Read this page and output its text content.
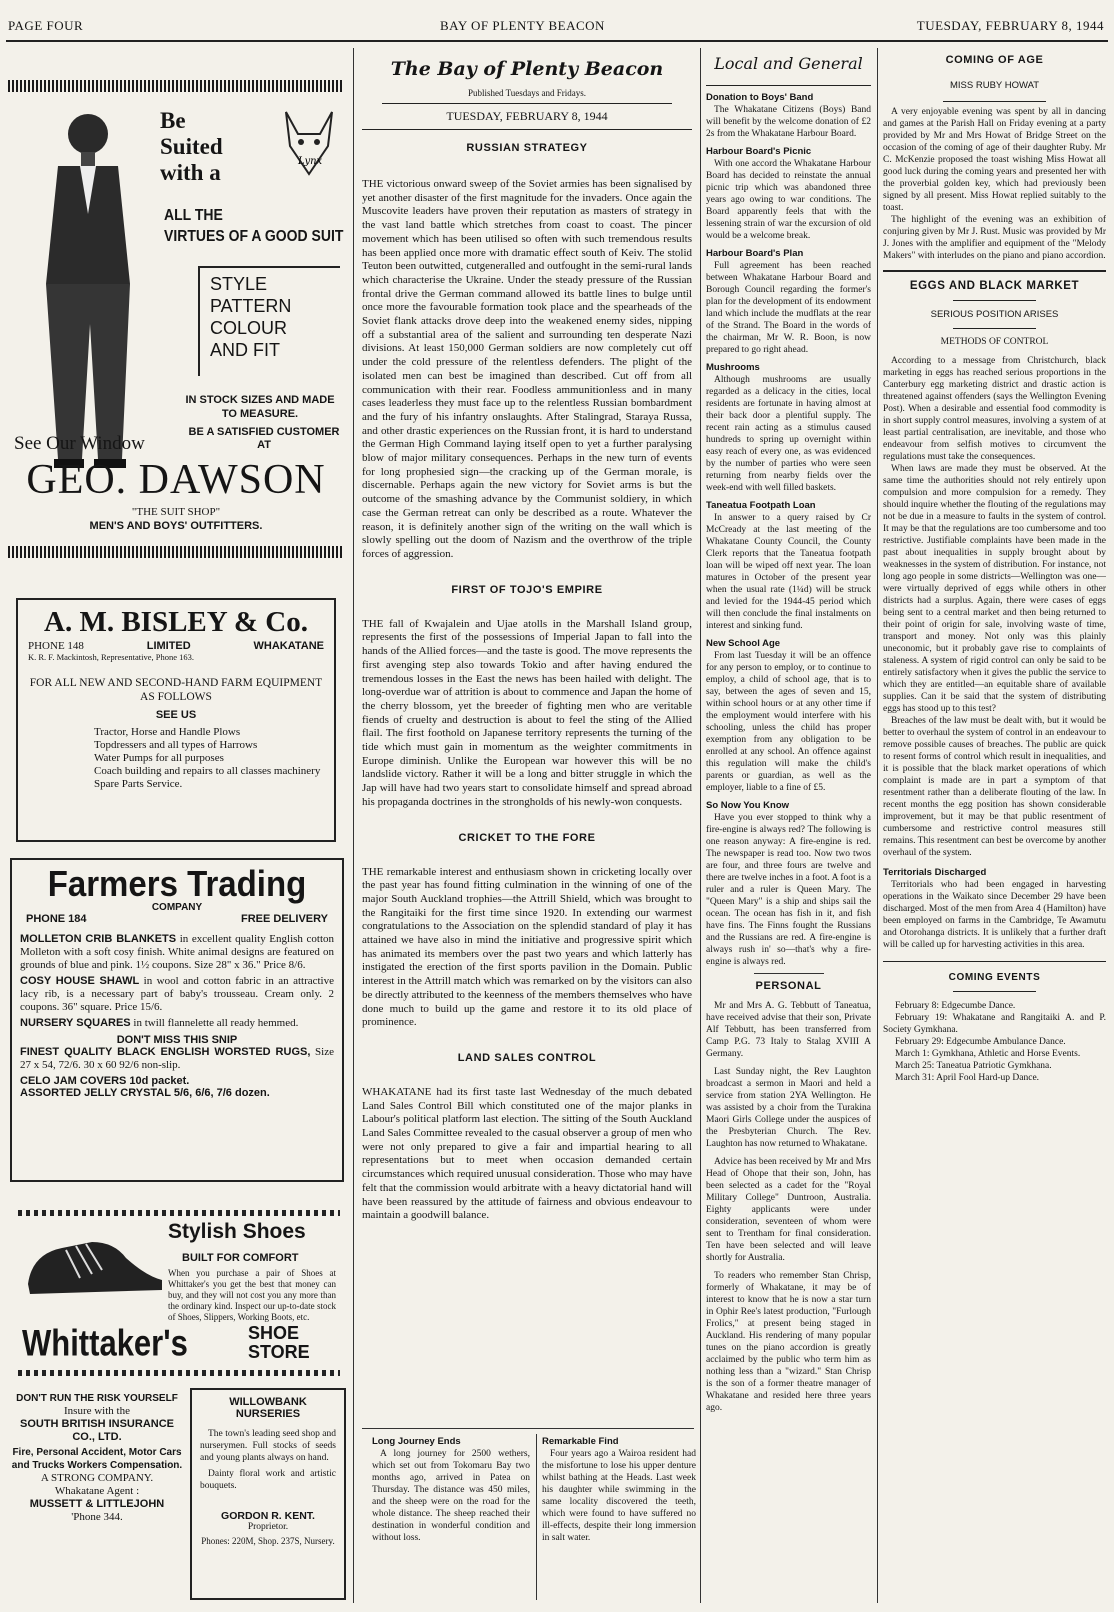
PAGE FOUR	BAY OF PLENTY BEACON	TUESDAY, FEBRUARY 8, 1944
Be
Suited
with a	Lynx
ALL THE
VIRTUES OF A GOOD SUIT
STYLE
PATTERN
COLOUR
AND FIT
IN STOCK SIZES AND MADE TO MEASURE.
See Our Window
BE A SATISFIED CUSTOMER AT
GEO. DAWSON
"THE SUIT SHOP"
MEN'S AND BOYS' OUTFITTERS.
A. M. BISLEY & Co.
PHONE 148	LIMITED	WHAKATANE
K. R. F. Mackintosh, Representative, Phone 163.
FOR ALL NEW AND SECOND-HAND FARM EQUIPMENT AS FOLLOWS
SEE US
Tractor, Horse and Handle Plows
Topdressers and all types of Harrows
Water Pumps for all purposes
Coach building and repairs to all classes machinery
Spare Parts Service.
Farmers Trading
COMPANY
PHONE 184	FREE DELIVERY

MOLLETON CRIB BLANKETS in excellent quality English cotton Molleton with a soft cosy finish. White animal designs are featured on grounds of blue and pink. 1½ coupons. Size 28" x 36." Price 8/6.

COSY HOUSE SHAWL in wool and cotton fabric in an attractive lacy rib, is a necessary part of baby's trousseau. Cream only. 2 coupons. 36" square. Price 15/6.

NURSERY SQUARES in twill flannelette all ready hemmed.

DON'T MISS THIS SNIP

FINEST QUALITY BLACK ENGLISH WORSTED RUGS, Size 27 x 54, 72/6. 30 x 60 92/6 non-slip.

CELO JAM COVERS 10d packet.
ASSORTED JELLY CRYSTAL 5/6, 6/6, 7/6 dozen.
Stylish Shoes
BUILT FOR COMFORT

When you purchase a pair of Shoes at Whittaker's you get the best that money can buy, and they will not cost you any more than the ordinary kind. Inspect our up-to-date stock of Shoes, Slippers, Working Boots, etc.

Whittaker's	SHOE
STORE
DON'T RUN THE RISK YOURSELF
Insure with the
SOUTH BRITISH INSURANCE CO., LTD.
Fire, Personal Accident, Motor Cars and Trucks Workers Compensation.
A STRONG COMPANY.
Whakatane Agent :
MUSSETT & LITTLEJOHN
'Phone 344.
WILLOWBANK NURSERIES

The town's leading seed shop and nurserymen. Full stocks of seeds and young plants always on hand.

Dainty floral work and artistic bouquets.

GORDON R. KENT.
Proprietor.
Phones: 220M, Shop. 237S, Nursery.
The Bay of Plenty Beacon
Published Tuesdays and Fridays.
TUESDAY, FEBRUARY 8, 1944
RUSSIAN STRATEGY

THE victorious onward sweep of the Soviet armies has been signalised by yet another disaster of the first magnitude for the invaders. Once again the Muscovite leaders have proven their reputation as masters of strategy in the vast land battle which stretches from coast to coast. The pincer movement which has been utilised so often with such tremendous results has been applied once more with dramatic effect south of Keiv. The stolid Teuton been outwitted, cutgeneralled and outfought in the semi-rural lands which characterise the Ukraine. Under the steady pressure of the Russian frontal drive the German command allowed its battle lines to bulge until once more the favourable formation took place and the spearheads of the Soviet flank attacks drove deep into the weakened enemy sides, nipping off a substantial area of the salient and surrounding ten desperate Nazi divisions. At least 150,000 German soldiers are now completely cut off under the cold pressure of the relentless defenders. The plight of the isolated men can best be imagined than described. Cut off from all communication with their rear. Foodless ammunitionless and in many cases leaderless they must face up to the relentless Russian bombardment and the fury of his infantry onslaughts. After Stalingrad, Staraya Russa, and other drastic experiences on the Russian front, it is hard to understand the German High Command laying itself open to yet a further paralysing blow of major military consequences. Perhaps in the new turn of events for long prophesied sign—the cracking up of the German morale, is discernable. Perhaps again the new victory for Soviet arms is but the outcome of the smashing advance by the Communist soldiery, in which case the German retreat can only be described as a route. Whatever the reason, it is definitely another sign of the writing on the wall which is slowly spelling out the doom of Nazism and the overthrow of the triple forces of aggression.

FIRST OF TOJO'S EMPIRE

THE fall of Kwajalein and Ujae atolls in the Marshall Island group, represents the first of the possessions of Imperial Japan to fall into the hands of the Allied forces—and the taste is good. The move represents the first avenging step also towards Tokio and after having endured the tremendous losses in the East the news has been hailed with delight. The long-overdue war of attrition is about to commence and Japan the home of the cherry blossom, yet the breeder of fighting men who are veritable fiends of cruelty and destruction is about to feel the sting of the Allied flail. The first foothold on Japanese territory represents the turning of the tide which must gain in momentum as the weighter commitments in Europe diminish. Unlike the European war however this will be no landslide victory. Rather it will be a long and bitter struggle in which the Jap will have had two years start to consolidate himself and spread abroad his propaganda doctrines in the strongholds of his newly-won conquests.

CRICKET TO THE FORE

THE remarkable interest and enthusiasm shown in cricketing locally over the past year has found fitting culmination in the winning of one of the major South Auckland trophies—the Attrill Shield, which was brought to the Rangitaiki for the first time since 1920. In extending our warmest congratulations to the Association on the splendid standard of play it has attained we have also in mind the initiative and progressive spirit which has animated its members over the past two years and which latterly has instigated the erection of the first sports pavilion in the Domain. Public interest in the Attrill match which was remarked on by the visitors can also be directly attributed to the keenness of the members themselves who have done much to build up the game and restore it to its old place of prominence.

LAND SALES CONTROL

WHAKATANE had its first taste last Wednesday of the much debated Land Sales Control Bill which constituted one of the major planks in Labour's political platform last election. The sitting of the South Auckland Land Sales Committee revealed to the casual observer a group of men who were not only prepared to give a fair and impartial hearing to all representations but to meet when occasion demanded certain circumstances which required unusual consideration. Those who may have felt that the commission would arbitrate with a heavy dictatorial hand will have been reassured by the attitude of fairness and obvious endeavour to maintain a goodwill balance.

Long Journey Ends

A long journey for 2500 wethers, which set out from Tokomaru Bay two months ago, arrived in Patea on Thursday. The distance was 450 miles, and the sheep were on the road for the whole distance. The sheep reached their destination in wonderful condition and without loss.

Remarkable Find

Four years ago a Wairoa resident had the misfortune to lose his upper denture whilst bathing at the Heads. Last week his daughter while swimming in the same locality discovered the teeth, which were found to have suffered no ill-effects, despite their long immersion in salt water.

Local and General
Donation to Boys' Band

The Whakatane Citizens (Boys) Band will benefit by the welcome donation of £2 2s from the Whakatane Harbour Board.

Harbour Board's Picnic

With one accord the Whakatane Harbour Board has decided to reinstate the annual picnic trip which was abandoned three years ago owing to war conditions. The Board apparently feels that with the lessening strain of war the excursion of old would be a welcome break.

Harbour Board's Plan

Full agreement has been reached between Whakatane Harbour Board and Borough Council regarding the former's plan for the development of its endowment land which include the mudflats at the rear of the Strand. The Board in the words of the chairman, Mr W. R. Boon, is now prepared to go right ahead.

Mushrooms

Although mushrooms are usually regarded as a delicacy in the cities, local residents are fortunate in having almost at their back door a plentiful supply. The recent rain acting as a stimulus caused hundreds to spring up overnight within easy reach of every one, as was evidenced by the number of parties who were seen returning from nearby fields over the week-end with well filled baskets.

Taneatua Footpath Loan

In answer to a query raised by Cr McCready at the last meeting of the Whakatane County Council, the County Clerk reports that the Taneatua footpath loan will be wiped off next year. The loan matures in October of the present year when the usual rate (1¼d) will be struck and levied for the 1944-45 period which will then conclude the final instalments on interest and sinking fund.

New School Age

From last Tuesday it will be an offence for any person to employ, or to continue to employ, a child of school age, that is to say, between the ages of seven and 15, within school hours or at any other time if the employment would interfere with his schooling, unless the child has proper exemption from any obligation to be enrolled at any school. An offence against this regulation will make the child's parents or guardian, as well as the employer, liable to a fine of £5.

So Now You Know

Have you ever stopped to think why a fire-engine is always red? The following is one reason anyway: A fire-engine is red. The newspaper is read too. Now two twos are four, and three fours are twelve and there are twelve inches in a foot. A foot is a ruler and a ruler is Queen Mary. The "Queen Mary" is a ship and ships sail the ocean. The ocean has fish in it, and fish have fins. The Finns fought the Russians and the Russians are red. A fire-engine is always rush in' so—that's why a fire-engine is always red.

PERSONAL

Mr and Mrs A. G. Tebbutt of Taneatua, have received advise that their son, Private Alf Tebbutt, has been transferred from Camp P.G. 73 Italy to Stalag XVIII A Germany.

Last Sunday night, the Rev Laughton broadcast a sermon in Maori and held a service from station 2YA Wellington. He was assisted by a choir from the Turakina Maori Girls College under the auspices of the Presbyterian Church. The Rev. Laughton has now returned to Whakatane.

Advice has been received by Mr and Mrs Head of Ohope that their son, John, has been selected as a cadet for the "Royal Military College" Duntroon, Australia. Eighty applicants were under consideration, seventeen of whom were sent to Trentham for final consideration. Ten have been selected and will leave shortly for Australia.

To readers who remember Stan Chrisp, formerly of Whakatane, it may be of interest to know that he is now a star turn in Ophir Ree's latest production, "Furlough Frolics," at present being staged in Auckland. His rendering of many popular tunes on the piano accordion is greatly acclaimed by the public who term him as nothing less than a "wizard." Stan Chrisp is the son of a former theatre manager of Whakatane and resided here three years ago.

COMING OF AGE
MISS RUBY HOWAT

A very enjoyable evening was spent by all in dancing and games at the Parish Hall on Friday evening at a party provided by Mr and Mrs Howat of Bridge Street on the occasion of the coming of age of their daughter Ruby. Mr C. McKenzie proposed the toast wishing Miss Howat all good luck during the coming years and presented her with the proverbial golden key, which had previously been signed by all present. Miss Howat replied suitably to the toast.

The highlight of the evening was an exhibition of conjuring given by Mr J. Rust. Music was provided by Mr J. Jones with the amplifier and equipment of the "Melody Makers" with interludes on the piano and piano accordion.

EGGS AND BLACK MARKET
SERIOUS POSITION ARISES
METHODS OF CONTROL

According to a message from Christchurch, black marketing in eggs has reached serious proportions in the Canterbury egg marketing district and drastic action is threatened against offenders (says the Wellington Evening Post). When a desirable and essential food commodity is in short supply control measures, involving a system of at least partial centralisation, are inevitable, and those who endeavour from selfish motives to circumvent the regulations must take the consequences.

When laws are made they must be observed. At the same time the authorities should not rely entirely upon compulsion and more compulsion for a remedy. They should inquire whether the flouting of the regulations may not be due in a measure to faults in the system of control. It may be that the regulations are too cumbersome and too restrictive. Justifiable complaints have been made in the past about inequalities in supply brought about by weaknesses in the system of distribution. For instance, not long ago people in some districts—Wellington was one—were virtually deprived of eggs while others in other districts had a surplus. Again, there were cases of eggs being sent to a central market and then being returned to their point of origin for sale, involving waste of time, transport and money. Not only was this plainly uneconomic, but it probably gave rise to complaints of staleness. A system of rigid control can only be said to be entirely satisfactory when it gives the public the service to which they are entitled—an equitable share of available supplies. Can it be said that the system of distributing eggs has stood up to this test?

Breaches of the law must be dealt with, but it would be better to overhaul the system of control in an endeavour to remove possible causes of breaches. The public are quick to resent forms of control which result in inequalities, and it is possible that the black market operations of which complaint is made are in part a symptom of that resentment rather than a deliberate flouting of the law. In recent months the egg position has shown considerable improvement, but it may be that public resentment of cumbersome and restrictive control measures still remains. This resentment can best be overcome by another overhaul of the system.

Territorials Discharged

Territorials who had been engaged in harvesting operations in the Waikato since December 29 have been discharged. Most of the men from Area 4 (Hamilton) have been employed on farms in the Cambridge, Te Awamutu and Otorohanga districts. It is unlikely that a further draft will be called up for harvesting activities in this area.

COMING EVENTS

February 8: Edgecumbe Dance.

February 19: Whakatane and Rangitaiki A. and P. Society Gymkhana.

February 29: Edgecumbe Ambulance Dance.

March 1: Gymkhana, Athletic and Horse Events.

March 25: Taneatua Patriotic Gymkhana.

March 31: April Fool Hard-up Dance.
